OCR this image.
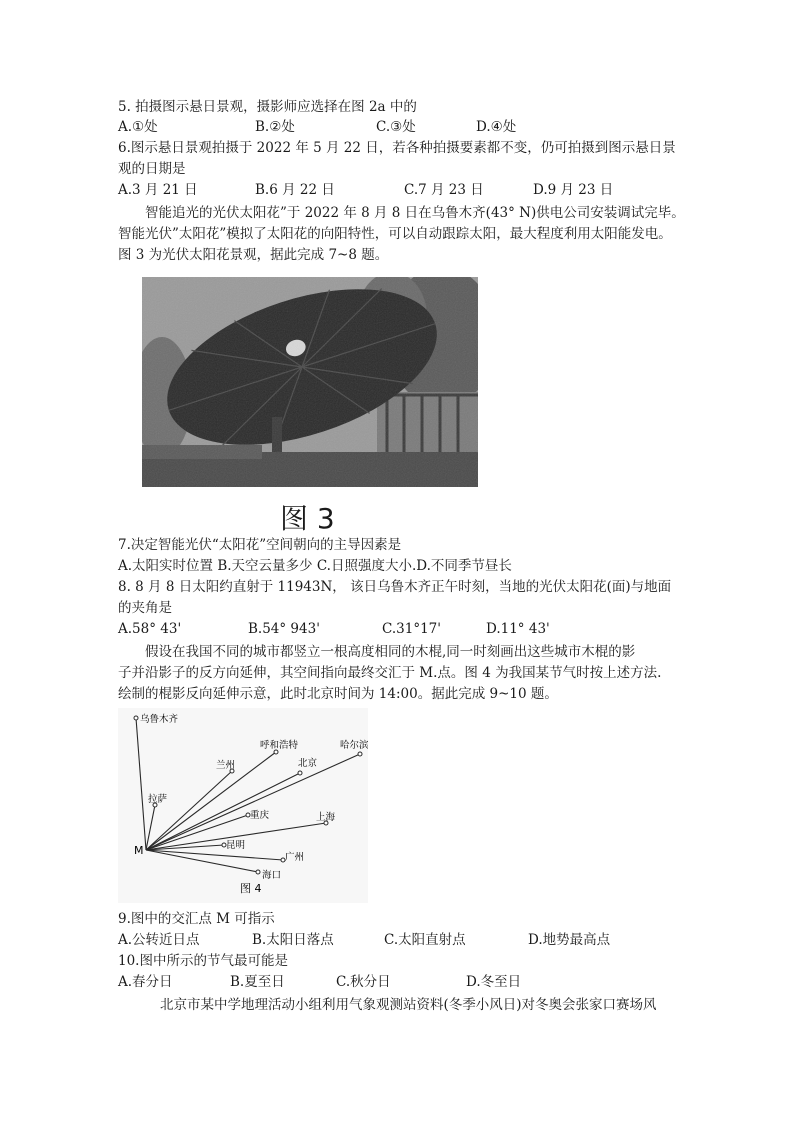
5. 拍摄图示悬日景观，摄影师应选择在图 2a 中的
A.①处	B.②处	C.③处	D.④处
6.图示悬日景观拍摄于 2022 年 5 月 22 日，若各种拍摄要素都不变，仍可拍摄到图示悬日景
观的日期是
A.3 月 21 日	B.6 月 22 日	C.7 月 23 日	D.9 月 23 日
智能追光的光伏太阳花”于 2022 年 8 月 8 日在乌鲁木齐(43° N)供电公司安装调试完毕。
智能光伏”太阳花”模拟了太阳花的向阳特性，可以自动跟踪太阳，最大程度利用太阳能发电。
图 3 为光伏太阳花景观，据此完成 7~8 题。
图 3
7.决定智能光伏“太阳花”空间朝向的主导因素是
A.太阳实时位置 B.天空云量多少 C.日照强度大小.D.不同季节昼长
8. 8 月 8 日太阳约直射于 11943N， 该日乌鲁木齐正午时刻，当地的光伏太阳花(面)与地面
的夹角是
A.58° 43'	B.54° 943'	C.31°17'	D.11° 43'
假设在我国不同的城市都竖立一根高度相同的木棍,同一时刻画出这些城市木棍的影
子并沿影子的反方向延伸，其空间指向最终交汇于 M.点。图 4 为我国某节气时按上述方法.
绘制的棍影反向延伸示意，此时北京时间为 14:00。据此完成 9~10 题。
乌鲁木齐
呼和浩特	哈尔滨
兰州	北京
拉萨
重庆	上海
昆明
广州
海口
M
图 4
9.图中的交汇点 M 可指示
A.公转近日点	B.太阳日落点	C.太阳直射点	D.地势最高点
10.图中所示的节气最可能是
A.春分日	B.夏至日	C.秋分日	D.冬至日
北京市某中学地理活动小组利用气象观测站资料(冬季小风日)对冬奥会张家口赛场风
